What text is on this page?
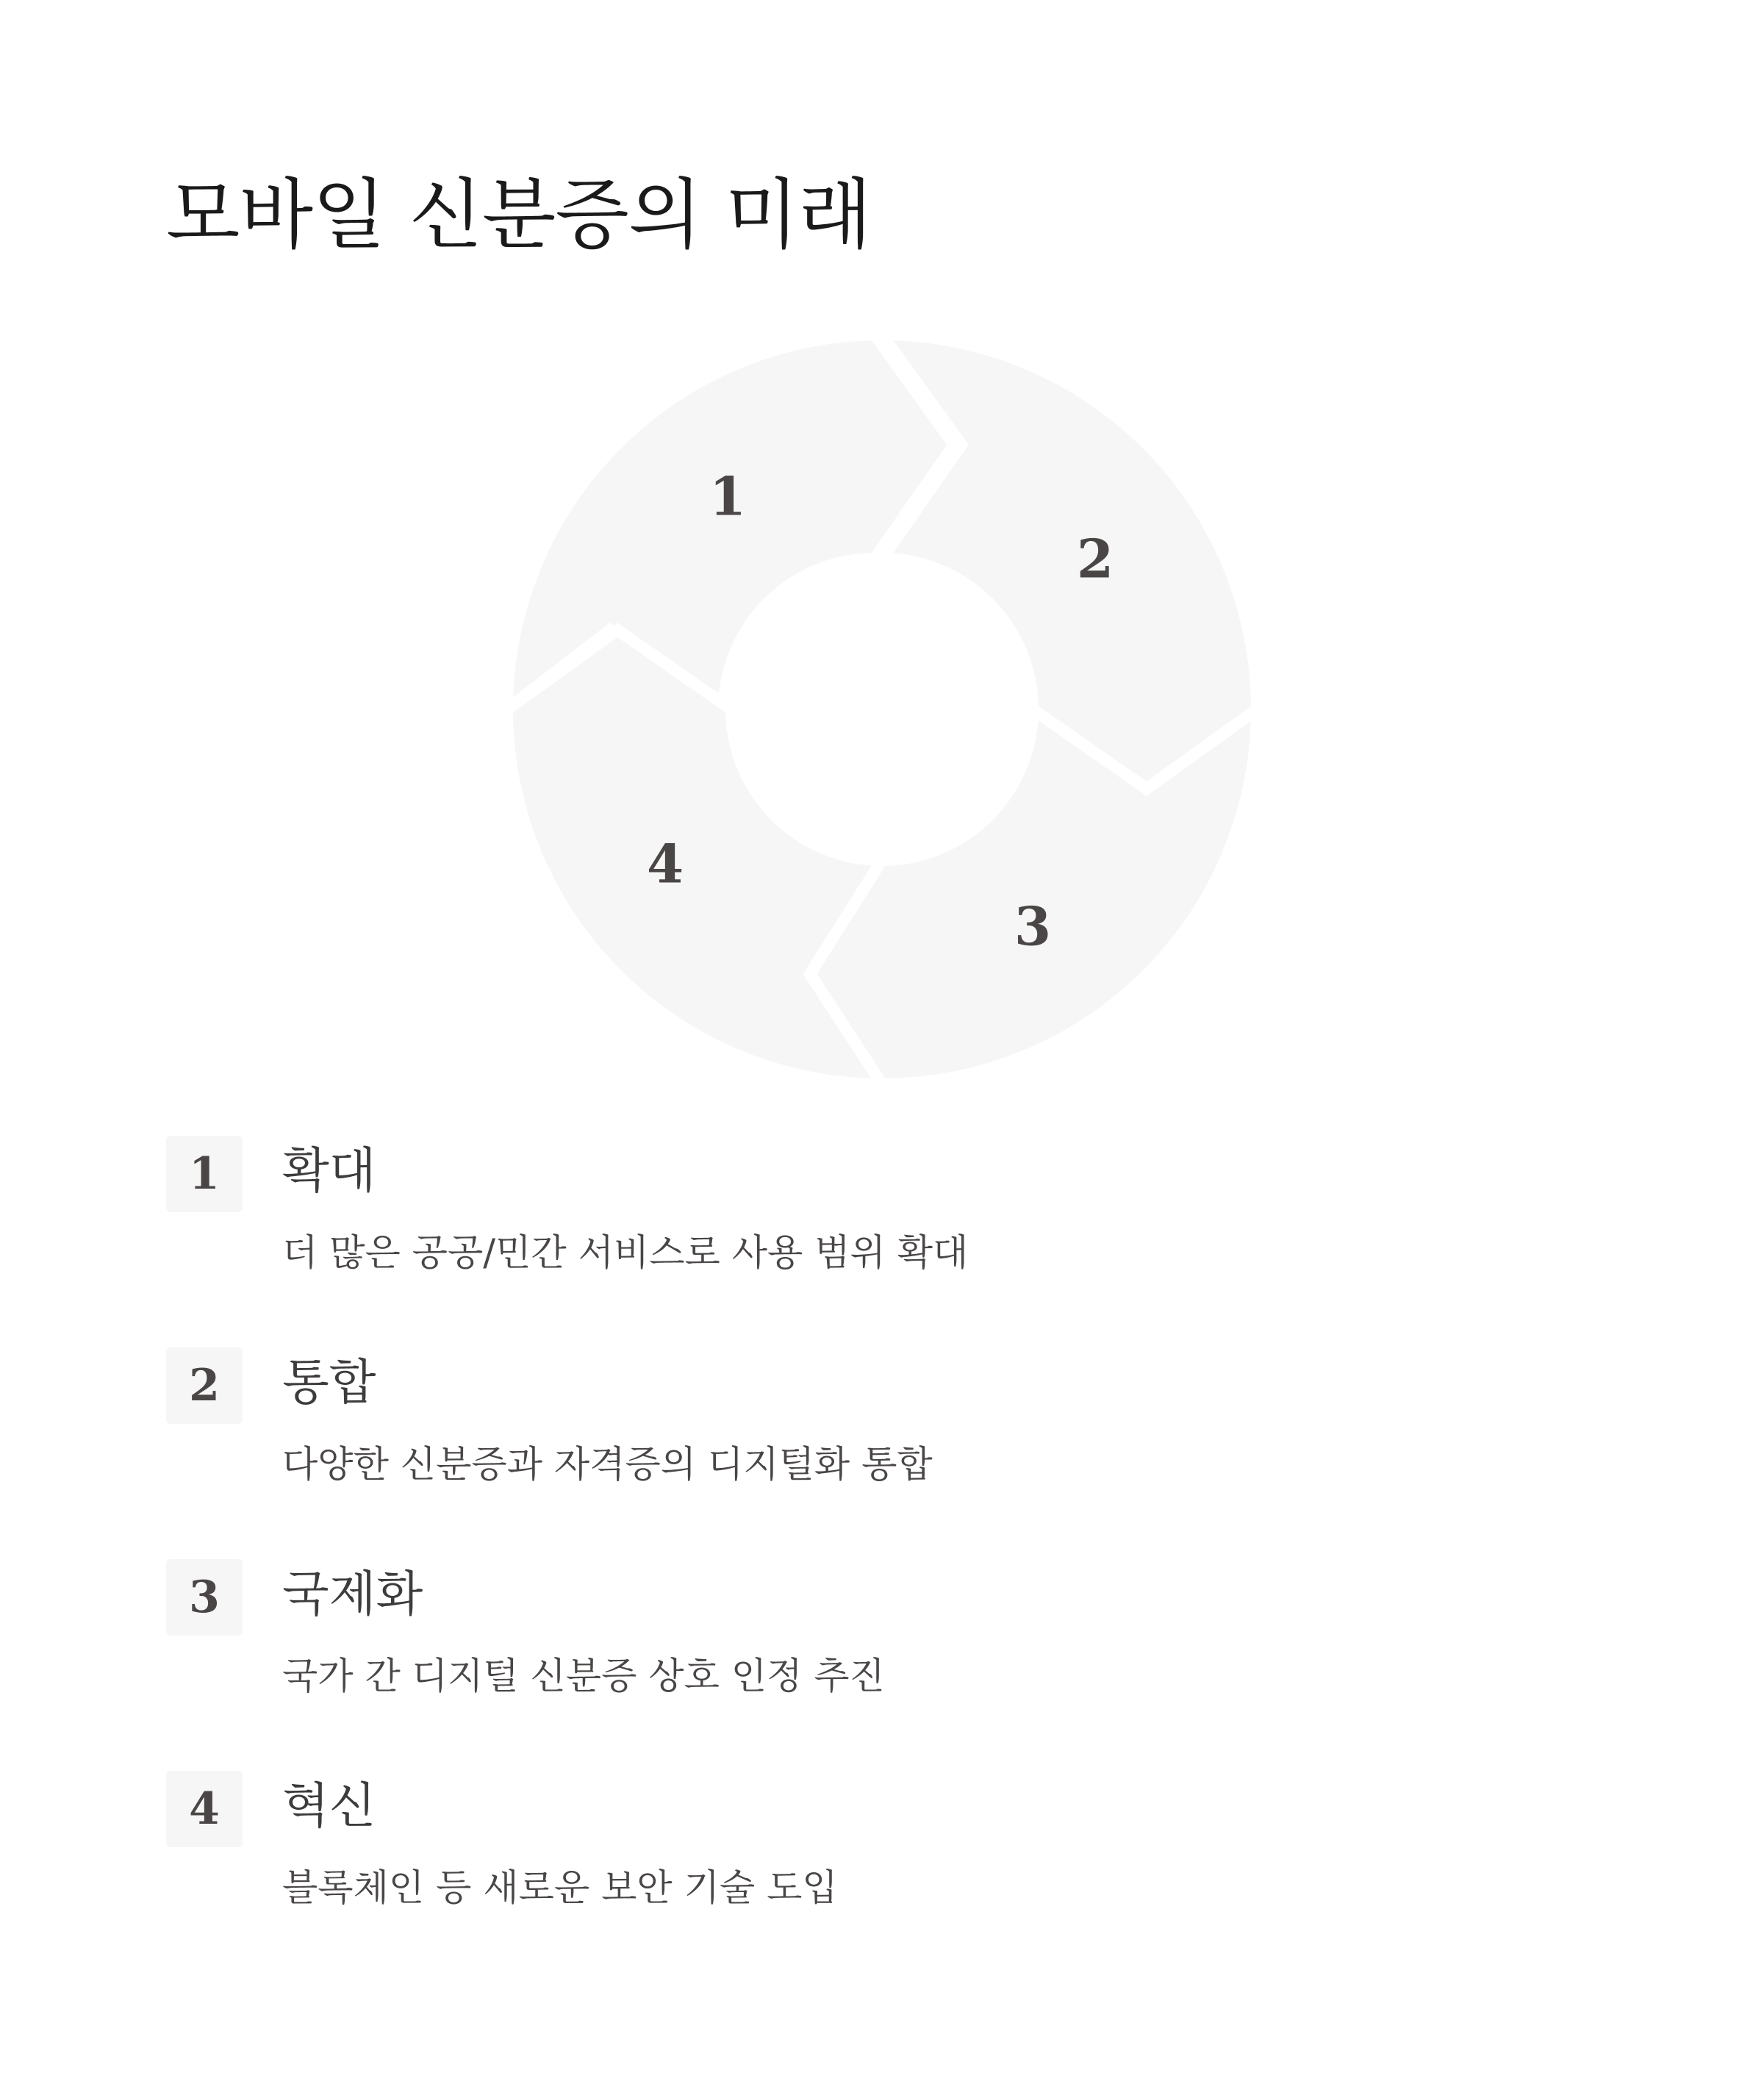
모바일 신분증의 미래
1
2
3
4
1	확대
더 많은 공공/민간 서비스로 사용 범위 확대
2	통합
다양한 신분증과 자격증의 디지털화 통합
3	국제화
국가 간 디지털 신분증 상호 인정 추진
4	혁신
블록체인 등 새로운 보안 기술 도입
